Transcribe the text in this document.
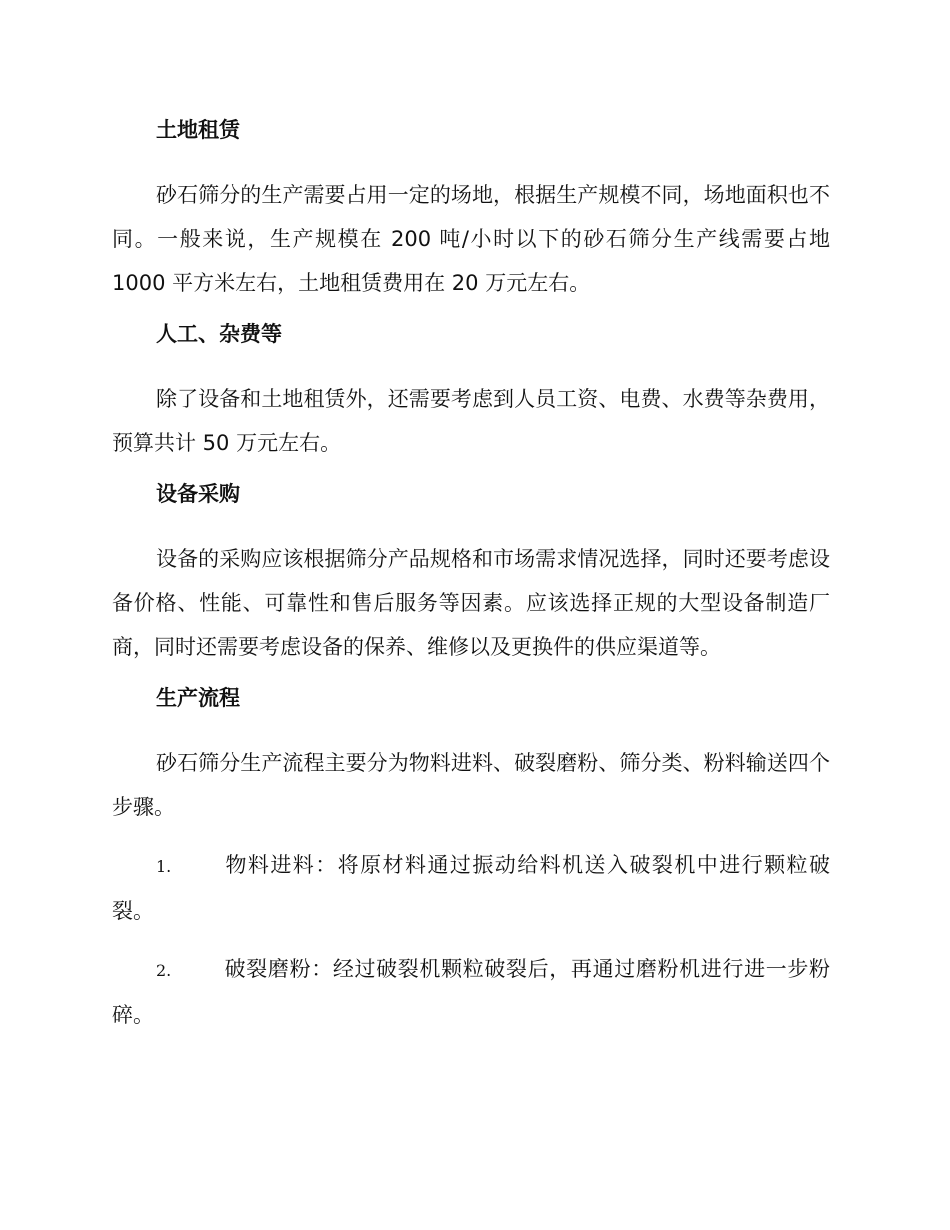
土地租赁

砂石筛分的生产需要占用一定的场地，根据生产规模不同，场地面积也不同。一般来说，生产规模在 200 吨/小时以下的砂石筛分生产线需要占地 1000 平方米左右，土地租赁费用在 20 万元左右。

人工、杂费等

除了设备和土地租赁外，还需要考虑到人员工资、电费、水费等杂费用，预算共计 50 万元左右。

设备采购

设备的采购应该根据筛分产品规格和市场需求情况选择，同时还要考虑设备价格、性能、可靠性和售后服务等因素。应该选择正规的大型设备制造厂商，同时还需要考虑设备的保养、维修以及更换件的供应渠道等。

生产流程

砂石筛分生产流程主要分为物料进料、破裂磨粉、筛分类、粉料输送四个步骤。

1.	物料进料：将原材料通过振动给料机送入破裂机中进行颗粒破裂。

2.	破裂磨粉：经过破裂机颗粒破裂后，再通过磨粉机进行进一步粉碎。
